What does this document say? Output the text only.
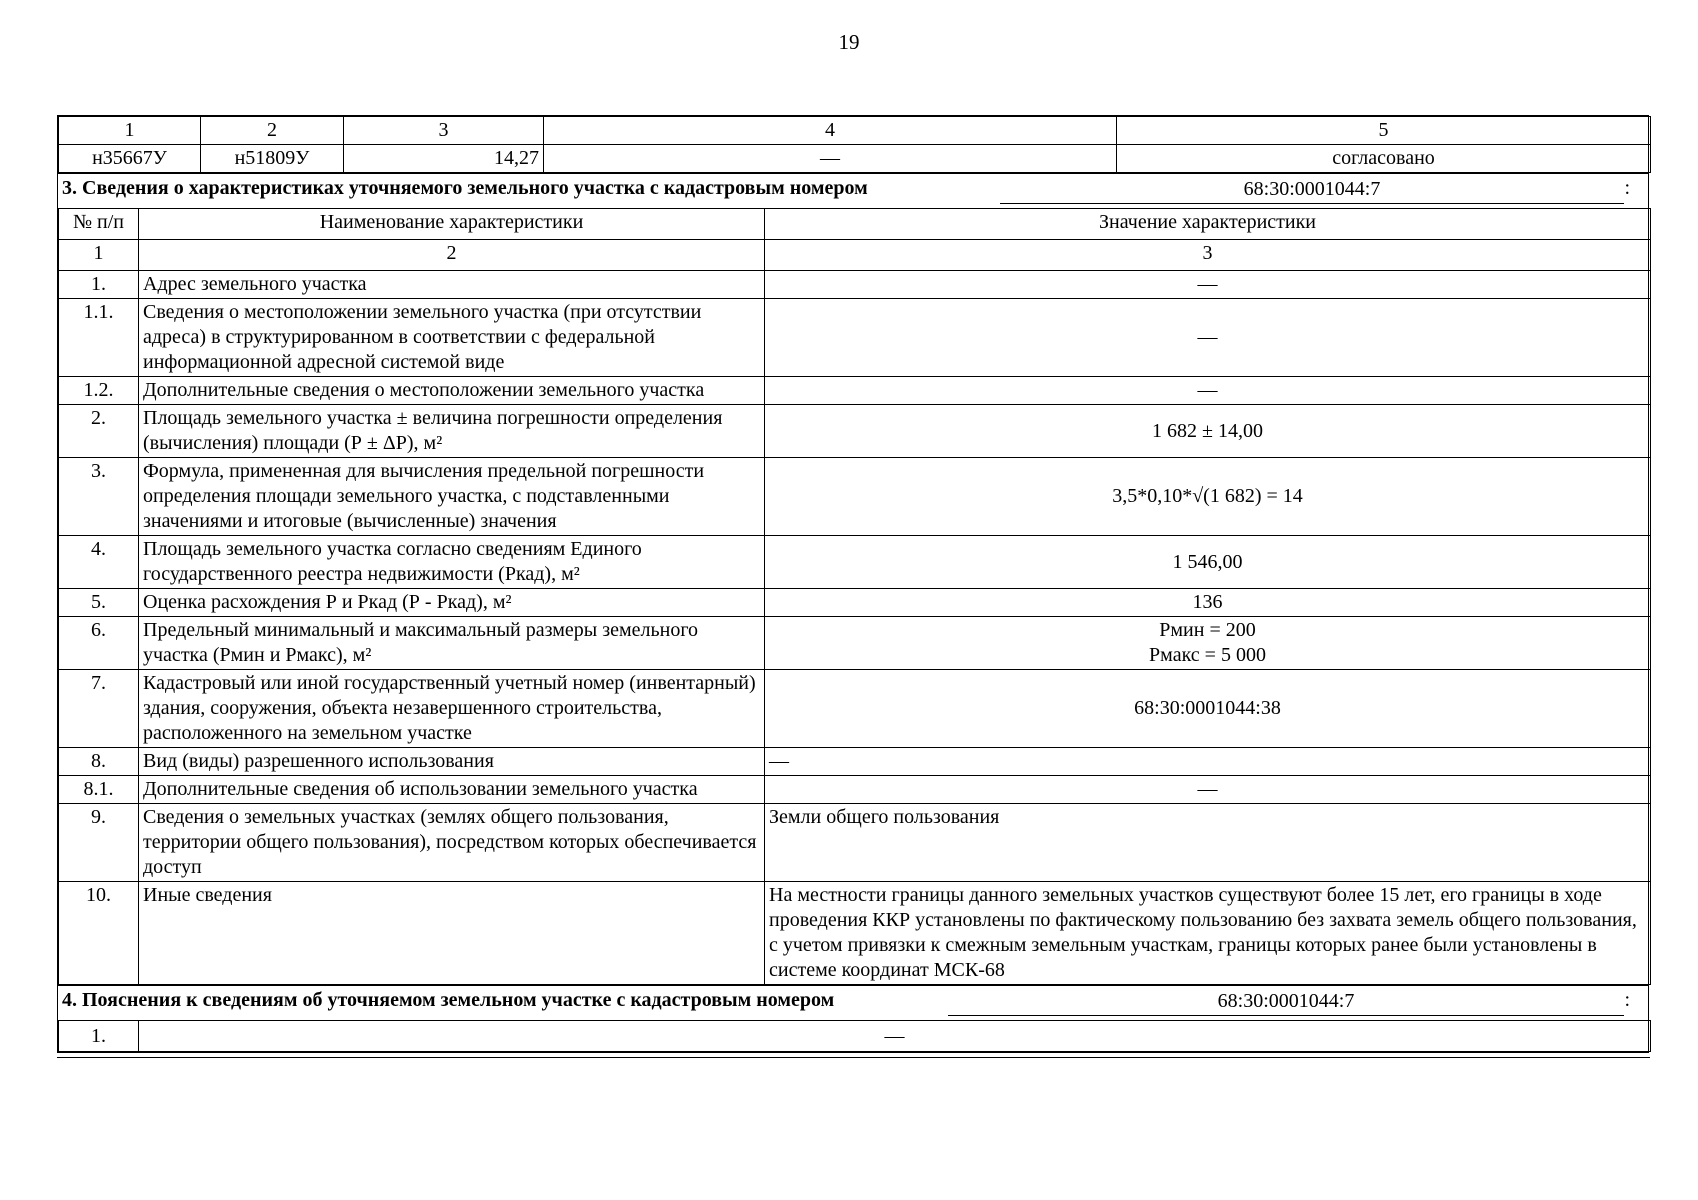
19
1	2	3	4	5
н35667У	н51809У	14,27	—	согласовано
3. Сведения о характеристиках уточняемого земельного участка с кадастровым номером	68:30:0001044:7	:
№ п/п	Наименование характеристики	Значение характеристики
1	2	3
1.	Адрес земельного участка	—
1.1.	Сведения о местоположении земельного участка (при отсутствии адреса) в структурированном в соответствии с федеральной информационной адресной системой виде	—
1.2.	Дополнительные сведения о местоположении земельного участка	—
2.	Площадь земельного участка ± величина погрешности определения (вычисления) площади (Р ± ΔР), м²	1 682 ± 14,00
3.	Формула, примененная для вычисления предельной погрешности определения площади земельного участка, с подставленными значениями и итоговые (вычисленные) значения	3,5*0,10*√(1 682) = 14
4.	Площадь земельного участка согласно сведениям Единого государственного реестра недвижимости (Ркад), м²	1 546,00
5.	Оценка расхождения Р и Ркад (Р - Ркад), м²	136
6.	Предельный минимальный и максимальный размеры земельного участка (Рмин и Рмакс), м²	Рмин = 200
Рмакс = 5 000

7.	Кадастровый или иной государственный учетный номер (инвентарный) здания, сооружения, объекта незавершенного строительства, расположенного на земельном участке	68:30:0001044:38
8.	Вид (виды) разрешенного использования	—
8.1.	Дополнительные сведения об использовании земельного участка	—
9.	Сведения о земельных участках (землях общего пользования, территории общего пользования), посредством которых обеспечивается доступ	Земли общего пользования
10.	Иные сведения	На местности границы данного земельных участков существуют более 15 лет, его границы в ходе проведения ККР установлены по фактическому пользованию без захвата земель общего пользования, с учетом привязки к смежным земельным участкам, границы которых ранее были установлены в системе координат МСК-68
4. Пояснения к сведениям об уточняемом земельном участке с кадастровым номером	68:30:0001044:7	:
1.	—
